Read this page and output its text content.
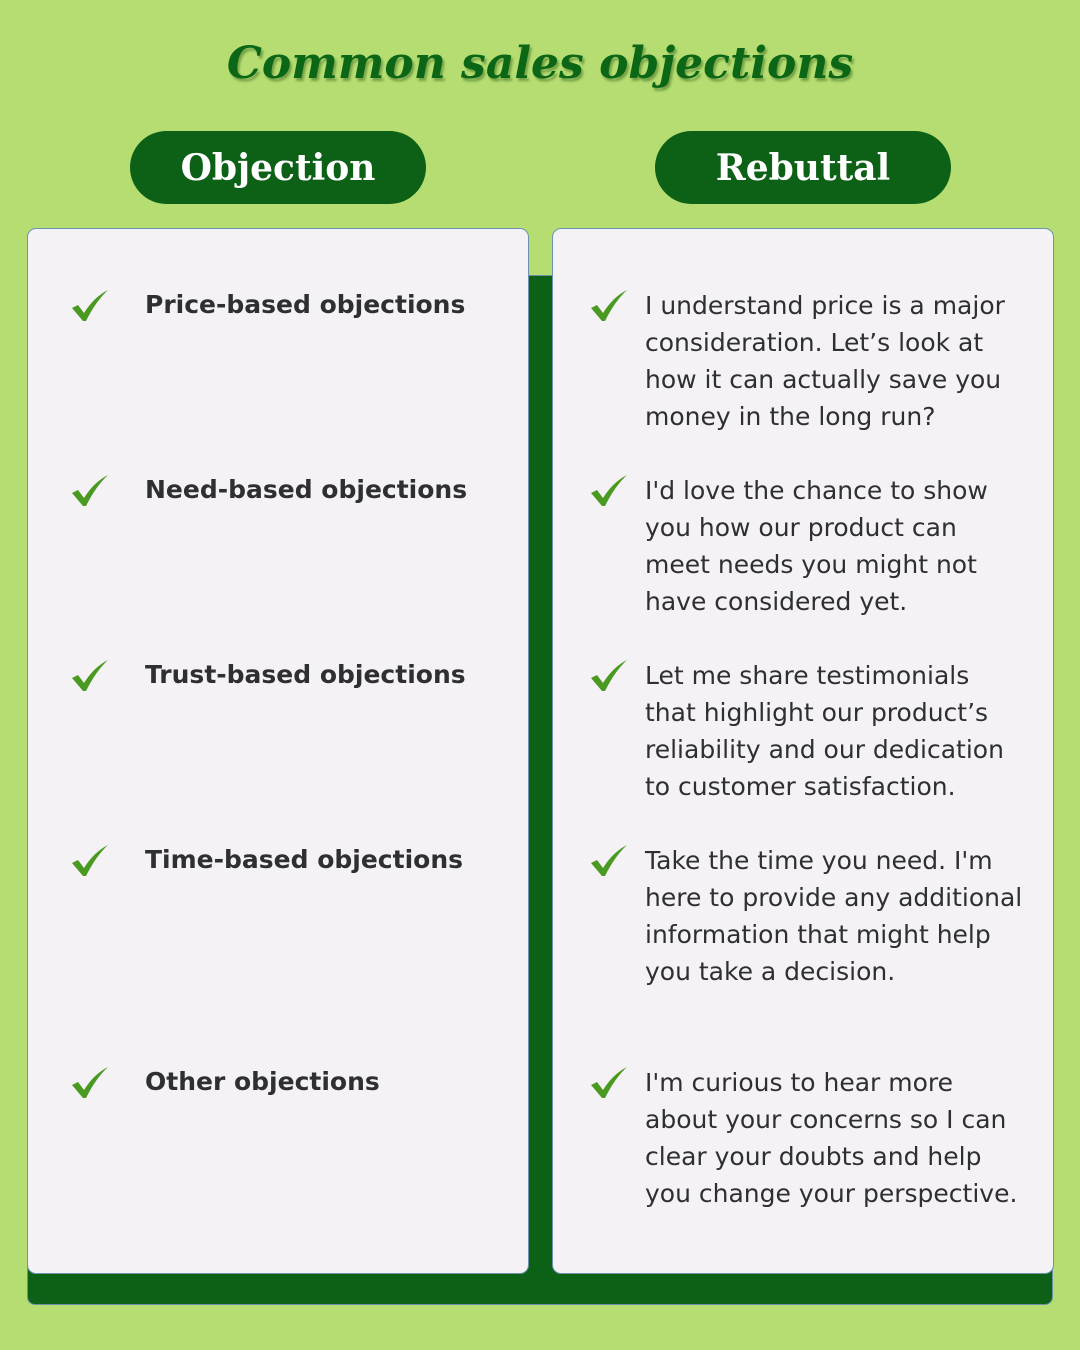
Common sales objections
Objection	Rebuttal
Price-based objections
Need-based objections
Trust-based objections
Time-based objections
Other objections
I understand price is a major consideration. Let’s look at how it can actually save you money in the long run?
I'd love the chance to show you how our product can meet needs you might not have considered yet.
Let me share testimonials that highlight our product’s reliability and our dedication to customer satisfaction.
Take the time you need. I'm here to provide any additional information that might help you take a decision.
I'm curious to hear more about your concerns so I can clear your doubts and help you change your perspective.
